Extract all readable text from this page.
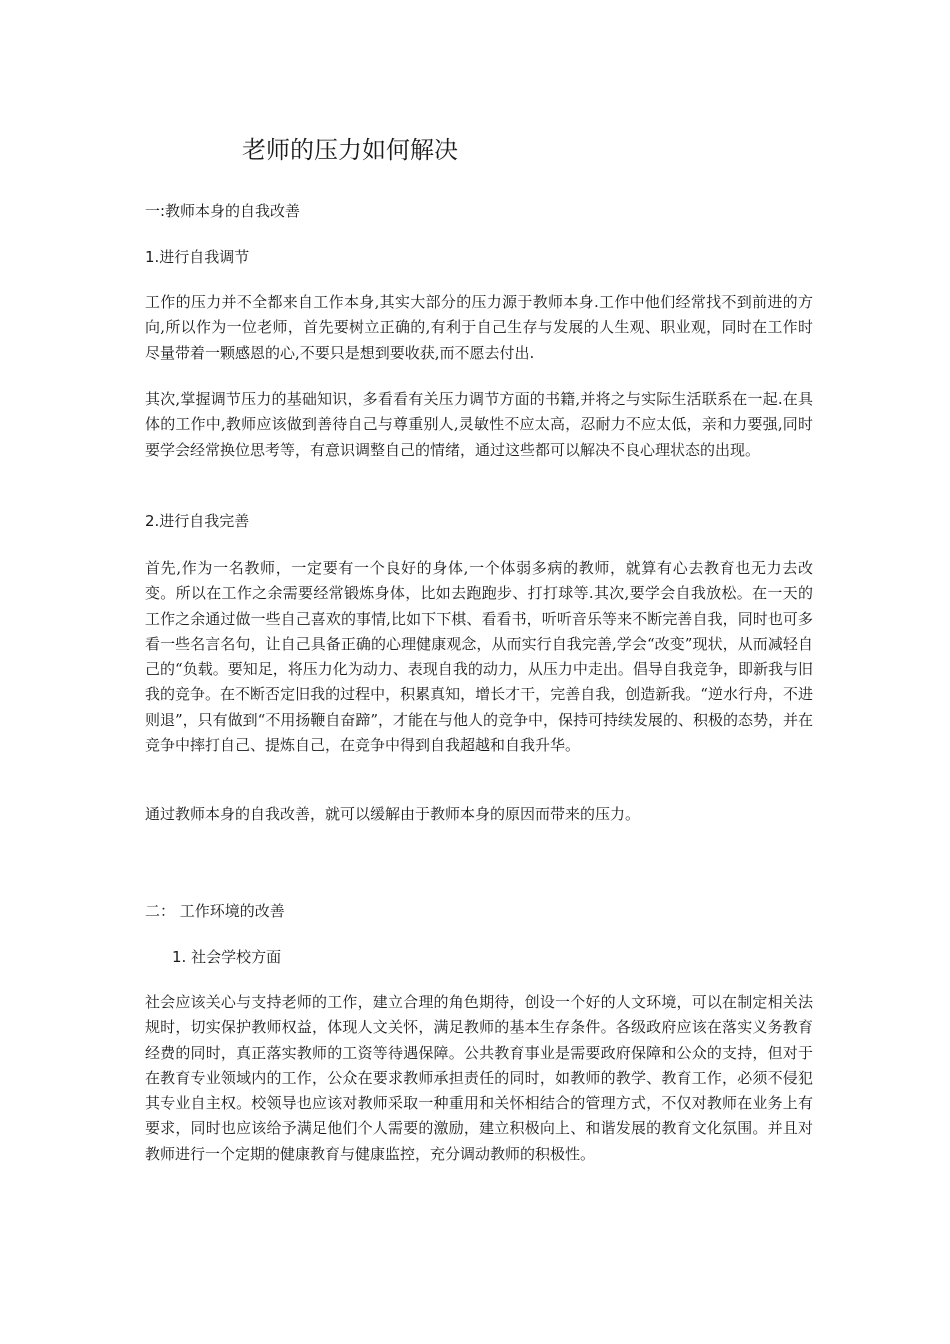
老师的压力如何解决
一:教师本身的自我改善
1.进行自我调节

工作的压力并不全都来自工作本身,其实大部分的压力源于教师本身.工作中他们经常找不到前进的方向,所以作为一位老师，首先要树立正确的,有利于自己生存与发展的人生观、职业观，同时在工作时尽量带着一颗感恩的心,不要只是想到要收获,而不愿去付出.

其次,掌握调节压力的基础知识，多看看有关压力调节方面的书籍,并将之与实际生活联系在一起.在具体的工作中,教师应该做到善待自己与尊重别人,灵敏性不应太高，忍耐力不应太低，亲和力要强,同时要学会经常换位思考等，有意识调整自己的情绪，通过这些都可以解决不良心理状态的出现。

2.进行自我完善

首先,作为一名教师，一定要有一个良好的身体,一个体弱多病的教师，就算有心去教育也无力去改变。所以在工作之余需要经常锻炼身体，比如去跑跑步、打打球等.其次,要学会自我放松。在一天的工作之余通过做一些自己喜欢的事情,比如下下棋、看看书，听听音乐等来不断完善自我，同时也可多看一些名言名句，让自己具备正确的心理健康观念，从而实行自我完善,学会“改变”现状，从而减轻自己的“负载。要知足，将压力化为动力、表现自我的动力，从压力中走出。倡导自我竞争，即新我与旧我的竞争。在不断否定旧我的过程中，积累真知，增长才干，完善自我，创造新我。“逆水行舟，不进则退”，只有做到“不用扬鞭自奋蹄”，才能在与他人的竞争中，保持可持续发展的、积极的态势，并在竞争中摔打自己、提炼自己，在竞争中得到自我超越和自我升华。

通过教师本身的自我改善，就可以缓解由于教师本身的原因而带来的压力。

二： 工作环境的改善
1. 社会学校方面

社会应该关心与支持老师的工作，建立合理的角色期待，创设一个好的人文环境，可以在制定相关法规时，切实保护教师权益，体现人文关怀，满足教师的基本生存条件。各级政府应该在落实义务教育经费的同时，真正落实教师的工资等待遇保障。公共教育事业是需要政府保障和公众的支持，但对于在教育专业领域内的工作，公众在要求教师承担责任的同时，如教师的教学、教育工作，必须不侵犯其专业自主权。校领导也应该对教师采取一种重用和关怀相结合的管理方式，不仅对教师在业务上有要求，同时也应该给予满足他们个人需要的激励，建立积极向上、和谐发展的教育文化氛围。并且对教师进行一个定期的健康教育与健康监控，充分调动教师的积极性。
